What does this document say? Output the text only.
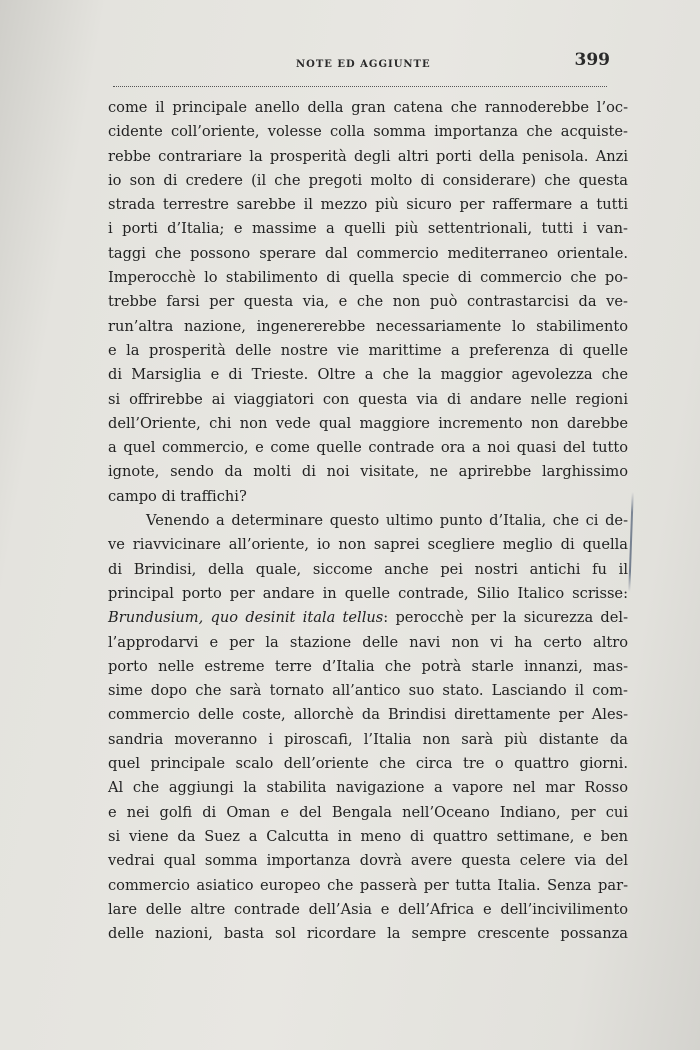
NOTE ED AGGIUNTE	399
come il principale anello della gran catena che rannoderebbe l’oc-
cidente coll’oriente, volesse colla somma importanza che acquiste-
rebbe contrariare la prosperità degli altri porti della penisola. Anzi
io son di credere (il che pregoti molto di considerare) che questa
strada terrestre sarebbe il mezzo più sicuro per raffermare a tutti
i porti d’Italia; e massime a quelli più settentrionali, tutti i van-
taggi che possono sperare dal commercio mediterraneo orientale.
Imperocchè lo stabilimento di quella specie di commercio che po-
trebbe farsi per questa via, e che non può contrastarcisi da ve-
run’altra nazione, ingenererebbe necessariamente lo stabilimento
e la prosperità delle nostre vie marittime a preferenza di quelle
di Marsiglia e di Trieste. Oltre a che la maggior agevolezza che
si offrirebbe ai viaggiatori con questa via di andare nelle regioni
dell’Oriente, chi non vede qual maggiore incremento non darebbe
a quel commercio, e come quelle contrade ora a noi quasi del tutto
ignote, sendo da molti di noi visitate, ne aprirebbe larghissimo
campo di traffichi?
Venendo a determinare questo ultimo punto d’Italia, che ci de-
ve riavvicinare all’oriente, io non saprei scegliere meglio di quella
di Brindisi, della quale, siccome anche pei nostri antichi fu il
principal porto per andare in quelle contrade, Silio Italico scrisse:
Brundusium, quo desinit itala tellus: perocchè per la sicurezza del-
l’approdarvi e per la stazione delle navi non vi ha certo altro
porto nelle estreme terre d’Italia che potrà starle innanzi, mas-
sime dopo che sarà tornato all’antico suo stato. Lasciando il com-
commercio delle coste, allorchè da Brindisi direttamente per Ales-
sandria moveranno i piroscafi, l’Italia non sarà più distante da
quel principale scalo dell’oriente che circa tre o quattro giorni.
Al che aggiungi la stabilita navigazione a vapore nel mar Rosso
e nei golfi di Oman e del Bengala nell’Oceano Indiano, per cui
si viene da Suez a Calcutta in meno di quattro settimane, e ben
vedrai qual somma importanza dovrà avere questa celere via del
commercio asiatico europeo che passerà per tutta Italia. Senza par-
lare delle altre contrade dell’Asia e dell’Africa e dell’incivilimento
delle nazioni, basta sol ricordare la sempre crescente possanza
